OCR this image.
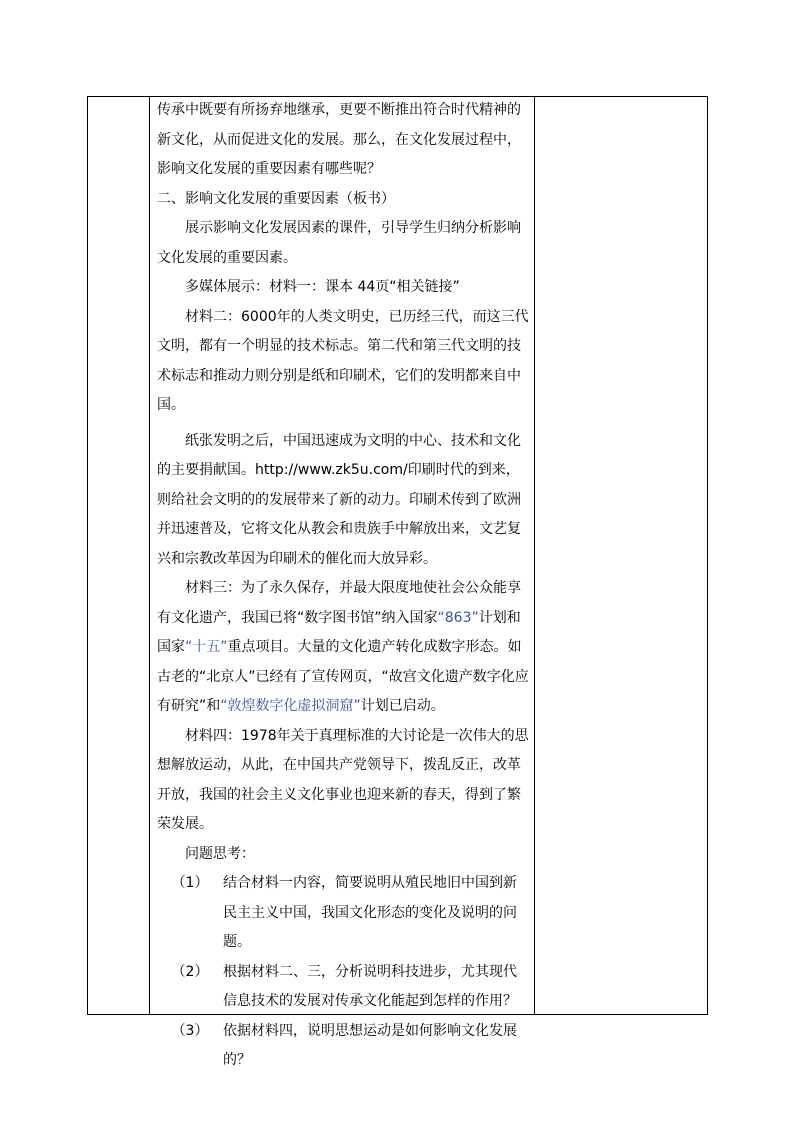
传承中既要有所扬弃地继承，更要不断推出符合时代精神的新文化，从而促进文化的发展。那么，在文化发展过程中，影响文化发展的重要因素有哪些呢？

二、影响文化发展的重要因素（板书）

展示影响文化发展因素的课件，引导学生归纳分析影响文化发展的重要因素。

多媒体展示：材料一：课本 44页“相关链接”

材料二：6000年的人类文明史，已历经三代，而这三代文明，都有一个明显的技术标志。第二代和第三代文明的技术标志和推动力则分别是纸和印刷术，它们的发明都来自中国。

纸张发明之后，中国迅速成为文明的中心、技术和文化的主要捐献国。http://www.zk5u.com/印刷时代的到来，则给社会文明的的发展带来了新的动力。印刷术传到了欧洲并迅速普及，它将文化从教会和贵族手中解放出来，文艺复兴和宗教改革因为印刷术的催化而大放异彩。

材料三：为了永久保存，并最大限度地使社会公众能享有文化遗产，我国已将“数字图书馆”纳入国家“863”计划和国家“十五”重点项目。大量的文化遗产转化成数字形态。如古老的“北京人”已经有了宣传网页，“故宫文化遗产数字化应有研究”和“敦煌数字化虚拟洞窟”计划已启动。

材料四：1978年关于真理标准的大讨论是一次伟大的思想解放运动，从此，在中国共产党领导下，拨乱反正，改革开放，我国的社会主义文化事业也迎来新的春天，得到了繁荣发展。

问题思考：

（1）	结合材料一内容，简要说明从殖民地旧中国到新民主主义中国，我国文化形态的变化及说明的问题。
（2）	根据材料二、三，分析说明科技进步，尤其现代信息技术的发展对传承文化能起到怎样的作用？
（3）	依据材料四，说明思想运动是如何影响文化发展的？
